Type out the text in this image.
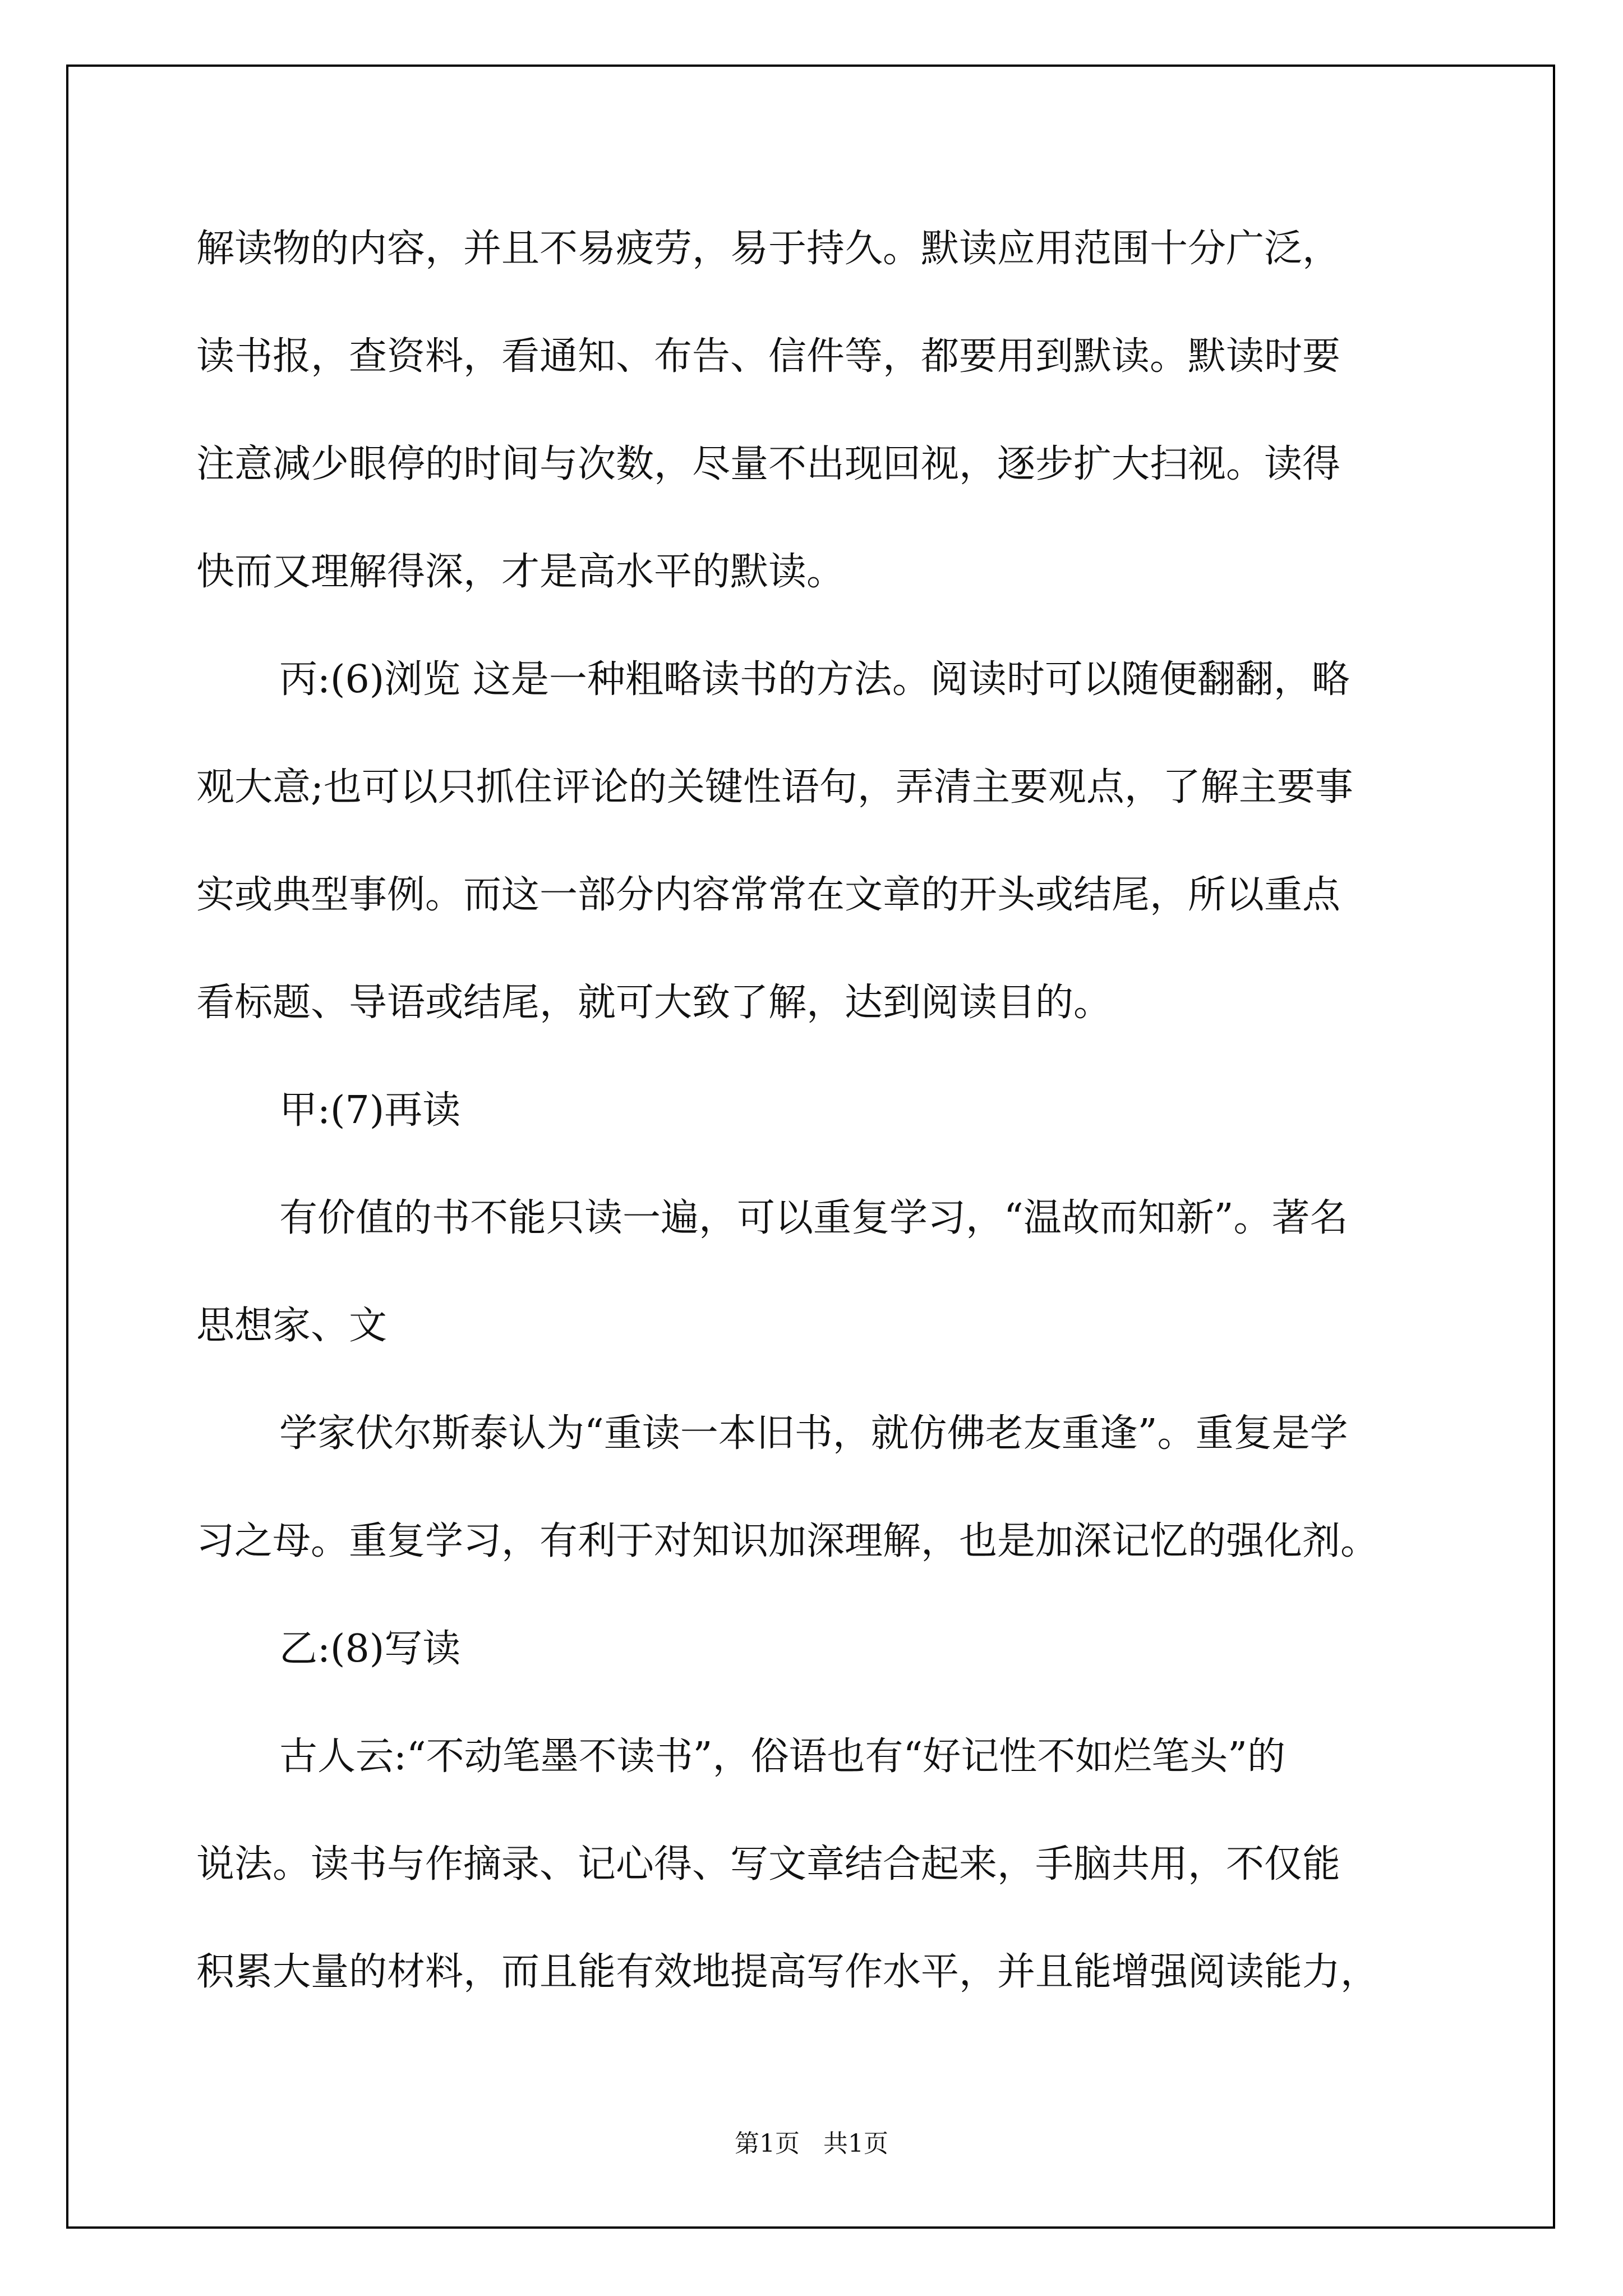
解读物的内容，并且不易疲劳，易于持久。默读应用范围十分广泛，
读书报，查资料，看通知、布告、信件等，都要用到默读。默读时要
注意减少眼停的时间与次数，尽量不出现回视，逐步扩大扫视。读得
快而又理解得深，才是高水平的默读。
丙:(6)浏览 这是一种粗略读书的方法。阅读时可以随便翻翻，略
观大意;也可以只抓住评论的关键性语句，弄清主要观点，了解主要事
实或典型事例。而这一部分内容常常在文章的开头或结尾，所以重点
看标题、导语或结尾，就可大致了解，达到阅读目的。
甲:(7)再读
有价值的书不能只读一遍，可以重复学习，“温故而知新”。著名
思想家、文
学家伏尔斯泰认为“重读一本旧书，就仿佛老友重逢”。重复是学
习之母。重复学习，有利于对知识加深理解，也是加深记忆的强化剂。
乙:(8)写读
古人云:“不动笔墨不读书”，俗语也有“好记性不如烂笔头”的
说法。读书与作摘录、记心得、写文章结合起来，手脑共用，不仅能
积累大量的材料，而且能有效地提高写作水平，并且能增强阅读能力，
第1页   共1页
